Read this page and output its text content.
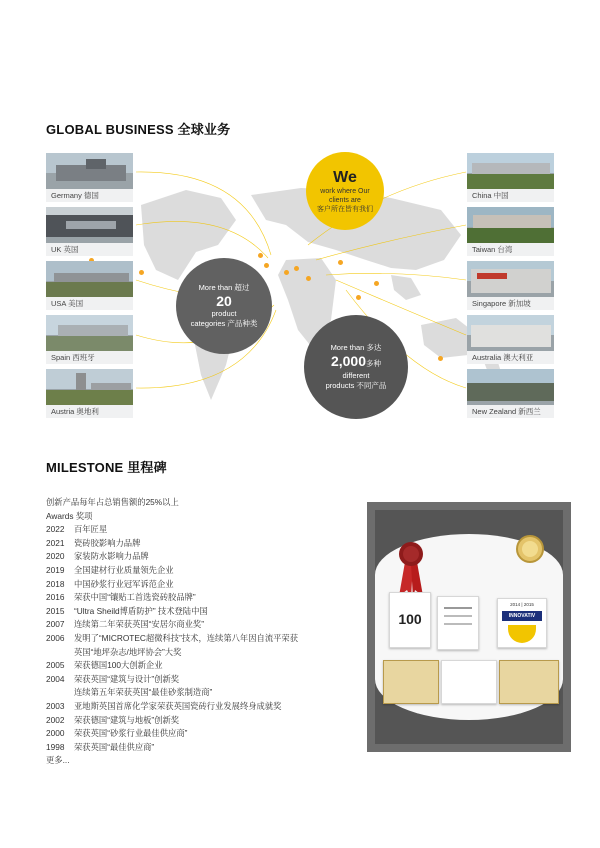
GLOBAL BUSINESS 全球业务
Germany 德国
UK 英国
USA 美国
Spain 西班牙
Austria 奥地利
China 中国
Taiwan 台湾
Singapore 新加坡
Australia 澳大利亚
New Zealand 新西兰
We
work where Our
clients are
客户所在皆有我们
More than 超过
20
product
categories 产品种类
More than 多达
2,000多种
different
products 不同产品
MILESTONE 里程碑
创新产品每年占总销售额的25%以上
Awards 奖项
2022 百年匠星
2021 瓷砖胶影响力品牌
2020 家装防水影响力品牌
2019 全国建材行业质量领先企业
2018 中国砂浆行业冠军诉范企业
2016 荣获中国“镶贴工首选瓷砖胶品牌”
2015 “Ultra Sheild博盾防护” 技术登陆中国
2007 连续第二年荣获英国“安居尔商业奖”
2006 发明了“MICROTEC超微科技”技术，连续第八年因自流平荣获
英国“地坪杂志/地坪协会”大奖
2005 荣获德国100大创新企业
2004 荣获英国“建筑与设计”创新奖
连续第五年荣获英国“最佳砂浆制造商”
2003 亚地斯英国首席化学家荣获英国瓷砖行业发展终身成就奖
2002 荣获德国“建筑与地板”创新奖
2000 荣获英国“砂浆行业最佳供应商”
1998 荣获英国“最佳供应商”
更多...
100
2014 | 2015
INNOVATIV
